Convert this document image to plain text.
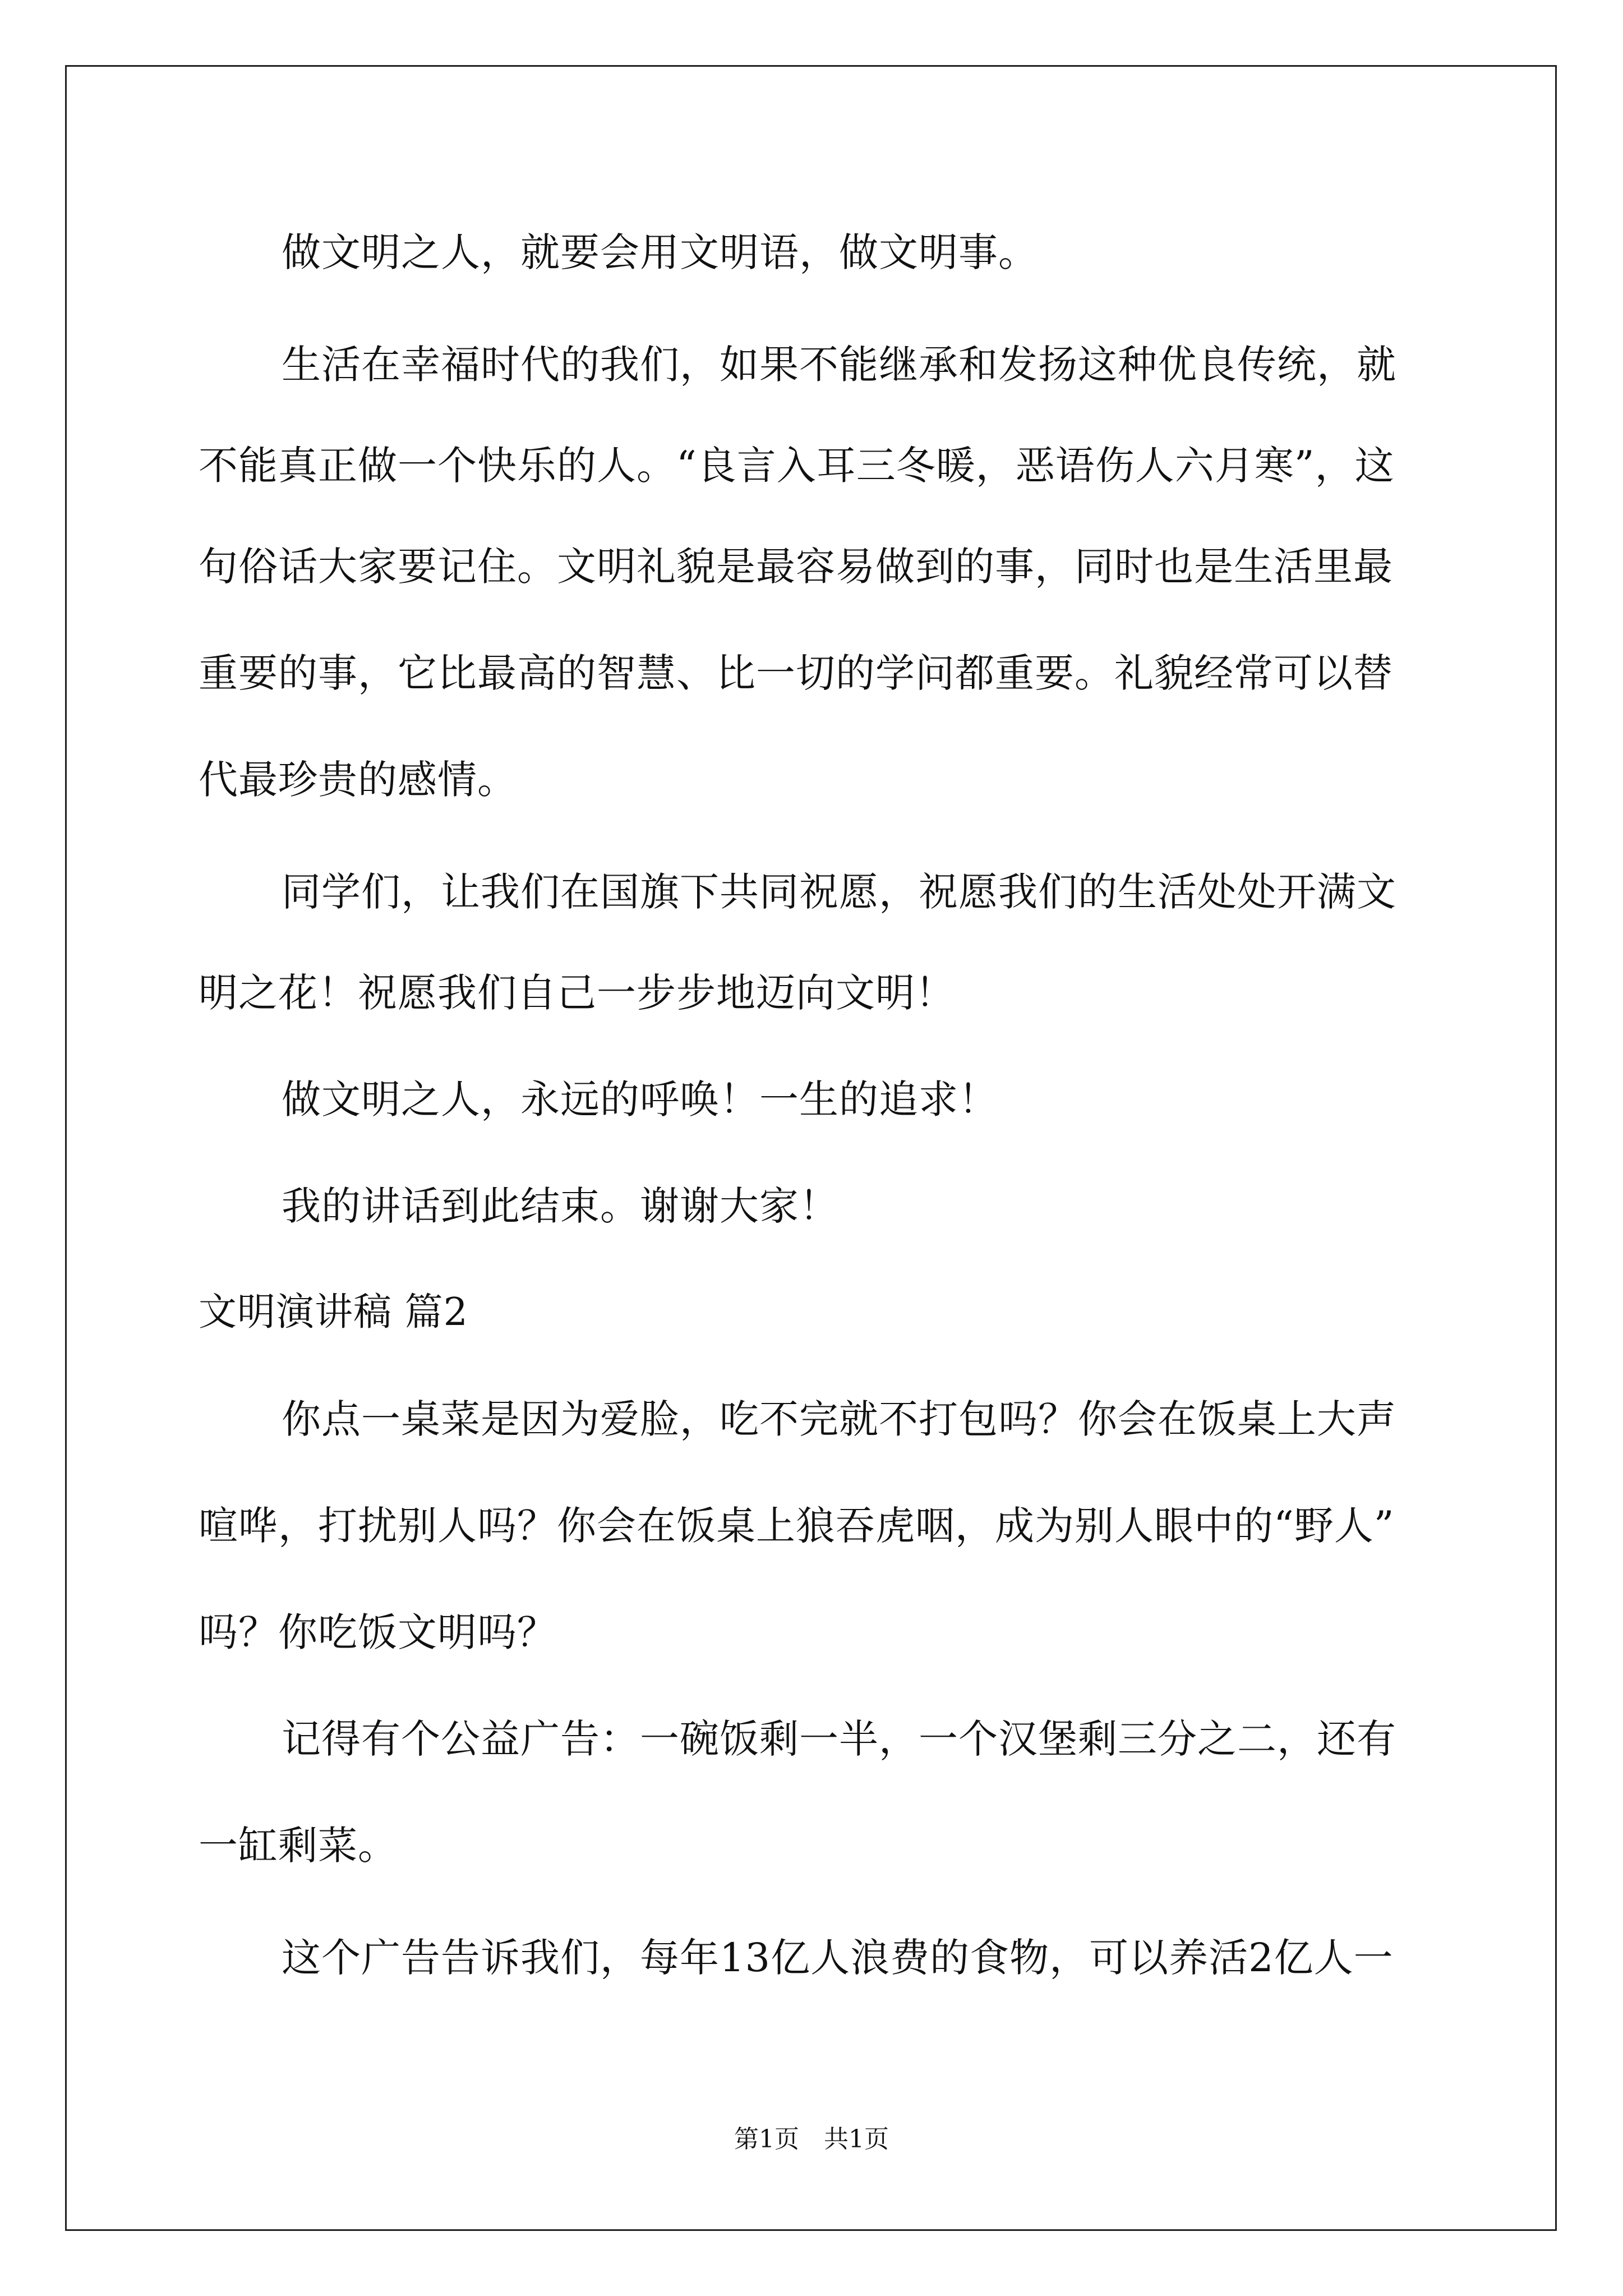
做文明之人，就要会用文明语，做文明事。
生活在幸福时代的我们，如果不能继承和发扬这种优良传统，就
不能真正做一个快乐的人。“良言入耳三冬暖，恶语伤人六月寒”，这
句俗话大家要记住。文明礼貌是最容易做到的事，同时也是生活里最
重要的事，它比最高的智慧、比一切的学问都重要。礼貌经常可以替
代最珍贵的感情。
同学们，让我们在国旗下共同祝愿，祝愿我们的生活处处开满文
明之花！祝愿我们自己一步步地迈向文明！
做文明之人，永远的呼唤！一生的追求！
我的讲话到此结束。谢谢大家！
文明演讲稿 篇2
你点一桌菜是因为爱脸，吃不完就不打包吗？你会在饭桌上大声
喧哗，打扰别人吗？你会在饭桌上狼吞虎咽，成为别人眼中的“野人”
吗？你吃饭文明吗？
记得有个公益广告：一碗饭剩一半，一个汉堡剩三分之二，还有
一缸剩菜。
这个广告告诉我们，每年13亿人浪费的食物，可以养活2亿人一
第1页　共1页
